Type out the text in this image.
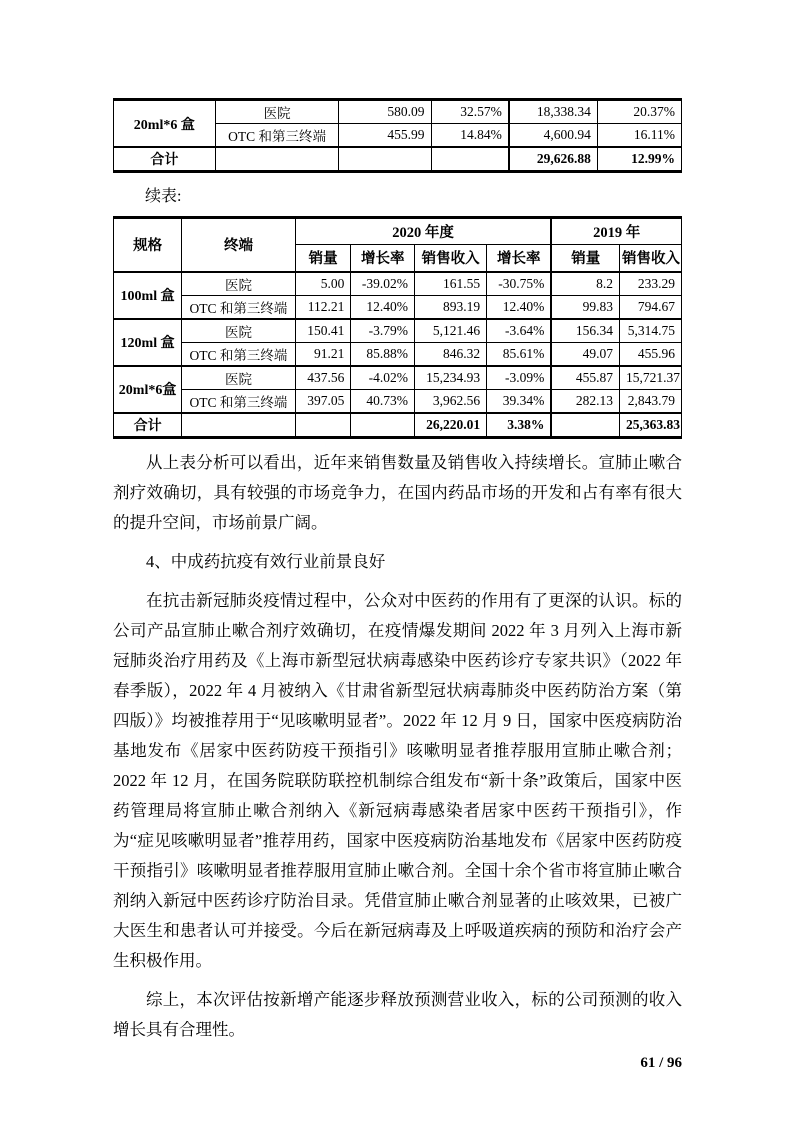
20ml*6 盒	医院	580.09	32.57%	18,338.34	20.37%
	OTC 和第三终端	455.99	14.84%	4,600.94	16.11%
合计				29,626.88	12.99%
续表:
规格	终端	2020 年度				2019 年	
		销量	增长率	销售收入	增长率	销量	销售收入
100ml 盒	医院	5.00	-39.02%	161.55	-30.75%	8.2	233.29
	OTC 和第三终端	112.21	12.40%	893.19	12.40%	99.83	794.67
120ml 盒	医院	150.41	-3.79%	5,121.46	-3.64%	156.34	5,314.75
	OTC 和第三终端	91.21	85.88%	846.32	85.61%	49.07	455.96
20ml*6盒	医院	437.56	-4.02%	15,234.93	-3.09%	455.87	15,721.37
	OTC 和第三终端	397.05	40.73%	3,962.56	39.34%	282.13	2,843.79
合计				26,220.01	3.38%		25,363.83

从上表分析可以看出，近年来销售数量及销售收入持续增长。宣肺止嗽合剂疗效确切，具有较强的市场竞争力，在国内药品市场的开发和占有率有很大的提升空间，市场前景广阔。

4、中成药抗疫有效行业前景良好

在抗击新冠肺炎疫情过程中，公众对中医药的作用有了更深的认识。标的公司产品宣肺止嗽合剂疗效确切，在疫情爆发期间 2022 年 3 月列入上海市新冠肺炎治疗用药及《上海市新型冠状病毒感染中医药诊疗专家共识》（2022 年春季版），2022 年 4 月被纳入《甘肃省新型冠状病毒肺炎中医药防治方案（第四版）》均被推荐用于“见咳嗽明显者”。2022 年 12 月 9 日，国家中医疫病防治基地发布《居家中医药防疫干预指引》咳嗽明显者推荐服用宣肺止嗽合剂；2022 年 12 月，在国务院联防联控机制综合组发布“新十条”政策后，国家中医药管理局将宣肺止嗽合剂纳入《新冠病毒感染者居家中医药干预指引》，作为“症见咳嗽明显者”推荐用药，国家中医疫病防治基地发布《居家中医药防疫干预指引》咳嗽明显者推荐服用宣肺止嗽合剂。全国十余个省市将宣肺止嗽合剂纳入新冠中医药诊疗防治目录。凭借宣肺止嗽合剂显著的止咳效果，已被广大医生和患者认可并接受。今后在新冠病毒及上呼吸道疾病的预防和治疗会产生积极作用。

综上，本次评估按新增产能逐步释放预测营业收入，标的公司预测的收入增长具有合理性。

61 / 96
